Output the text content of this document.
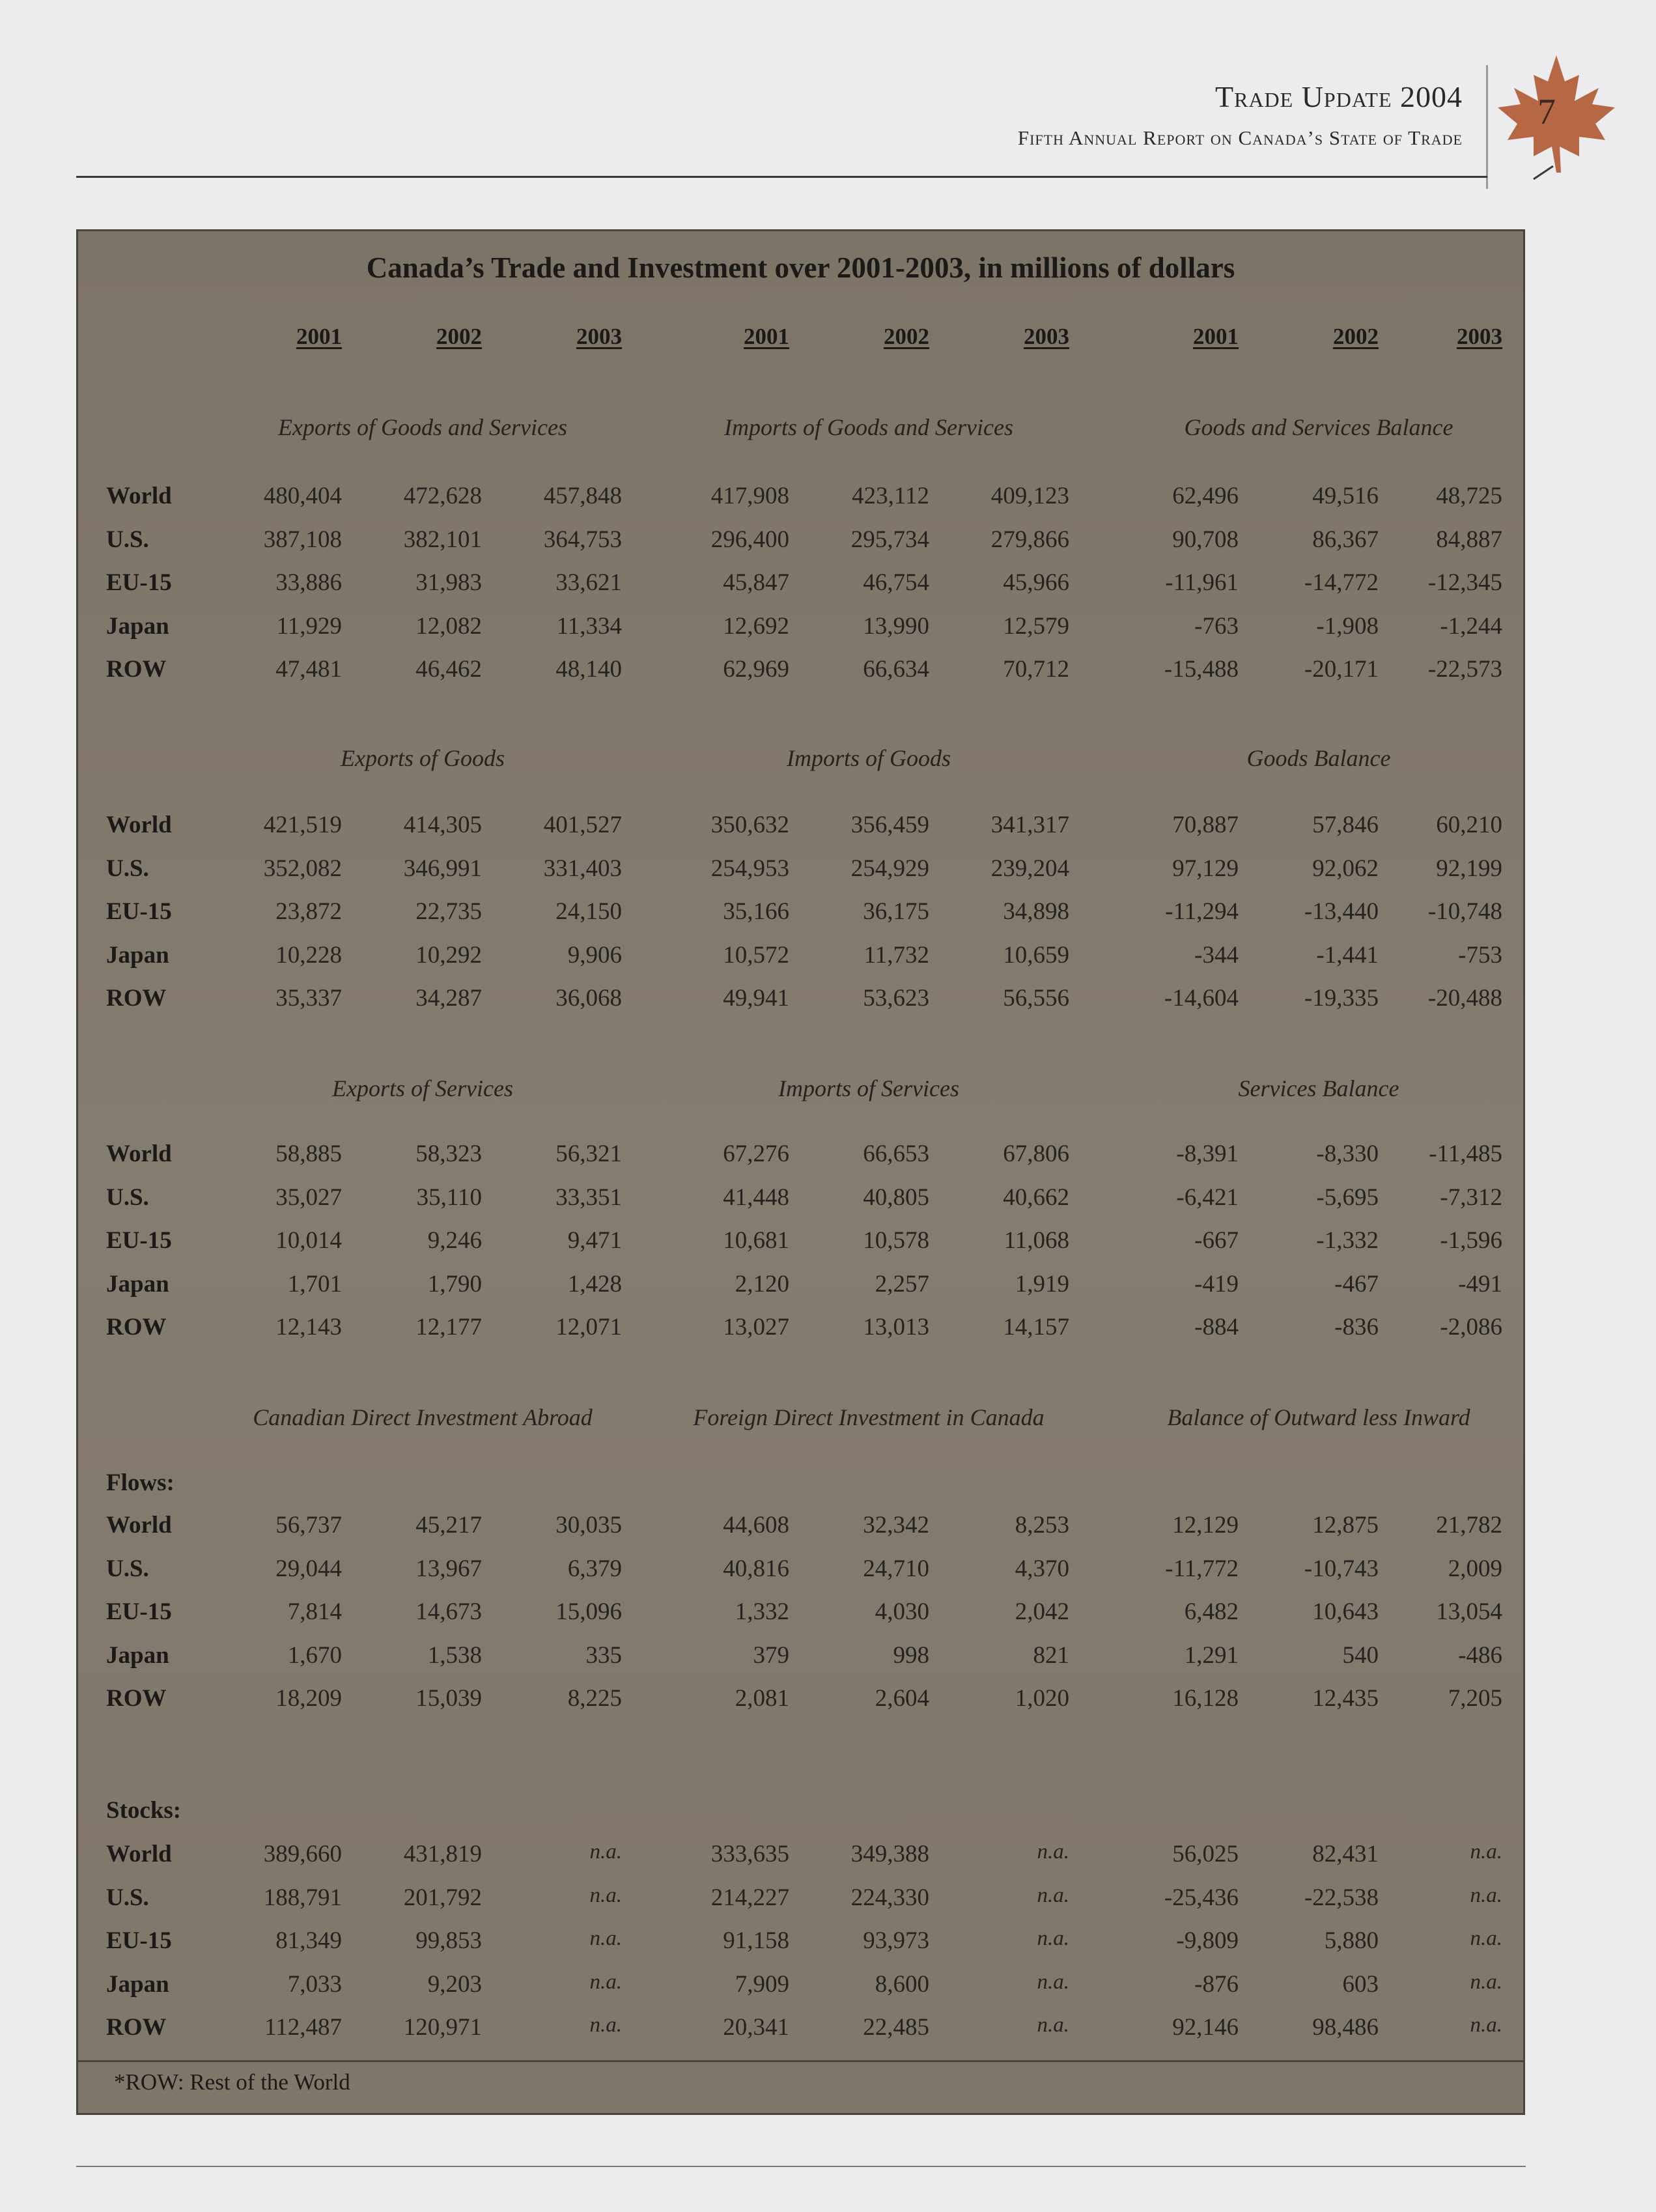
Trade Update 2004
Fifth Annual Report on Canada’s State of Trade
7
Canada’s Trade and Investment over 2001-2003, in millions of dollars
*ROW: Rest of the World
2001	2002	2003	2001	2002	2003	2001	2002	2003
Exports of Goods and Services	Imports of Goods and Services	Goods and Services Balance
World	480,404	472,628	457,848	417,908	423,112	409,123	62,496	49,516	48,725
U.S.	387,108	382,101	364,753	296,400	295,734	279,866	90,708	86,367	84,887
EU-15	33,886	31,983	33,621	45,847	46,754	45,966	-11,961	-14,772	-12,345
Japan	11,929	12,082	11,334	12,692	13,990	12,579	-763	-1,908	-1,244
ROW	47,481	46,462	48,140	62,969	66,634	70,712	-15,488	-20,171	-22,573
Exports of Goods	Imports of Goods	Goods Balance
World	421,519	414,305	401,527	350,632	356,459	341,317	70,887	57,846	60,210
U.S.	352,082	346,991	331,403	254,953	254,929	239,204	97,129	92,062	92,199
EU-15	23,872	22,735	24,150	35,166	36,175	34,898	-11,294	-13,440	-10,748
Japan	10,228	10,292	9,906	10,572	11,732	10,659	-344	-1,441	-753
ROW	35,337	34,287	36,068	49,941	53,623	56,556	-14,604	-19,335	-20,488
Exports of Services	Imports of Services	Services Balance
World	58,885	58,323	56,321	67,276	66,653	67,806	-8,391	-8,330	-11,485
U.S.	35,027	35,110	33,351	41,448	40,805	40,662	-6,421	-5,695	-7,312
EU-15	10,014	9,246	9,471	10,681	10,578	11,068	-667	-1,332	-1,596
Japan	1,701	1,790	1,428	2,120	2,257	1,919	-419	-467	-491
ROW	12,143	12,177	12,071	13,027	13,013	14,157	-884	-836	-2,086
Canadian Direct Investment Abroad	Foreign Direct Investment in Canada	Balance of Outward less Inward
Flows:
World	56,737	45,217	30,035	44,608	32,342	8,253	12,129	12,875	21,782
U.S.	29,044	13,967	6,379	40,816	24,710	4,370	-11,772	-10,743	2,009
EU-15	7,814	14,673	15,096	1,332	4,030	2,042	6,482	10,643	13,054
Japan	1,670	1,538	335	379	998	821	1,291	540	-486
ROW	18,209	15,039	8,225	2,081	2,604	1,020	16,128	12,435	7,205
Stocks:
World	389,660	431,819	n.a.	333,635	349,388	n.a.	56,025	82,431	n.a.
U.S.	188,791	201,792	n.a.	214,227	224,330	n.a.	-25,436	-22,538	n.a.
EU-15	81,349	99,853	n.a.	91,158	93,973	n.a.	-9,809	5,880	n.a.
Japan	7,033	9,203	n.a.	7,909	8,600	n.a.	-876	603	n.a.
ROW	112,487	120,971	n.a.	20,341	22,485	n.a.	92,146	98,486	n.a.
